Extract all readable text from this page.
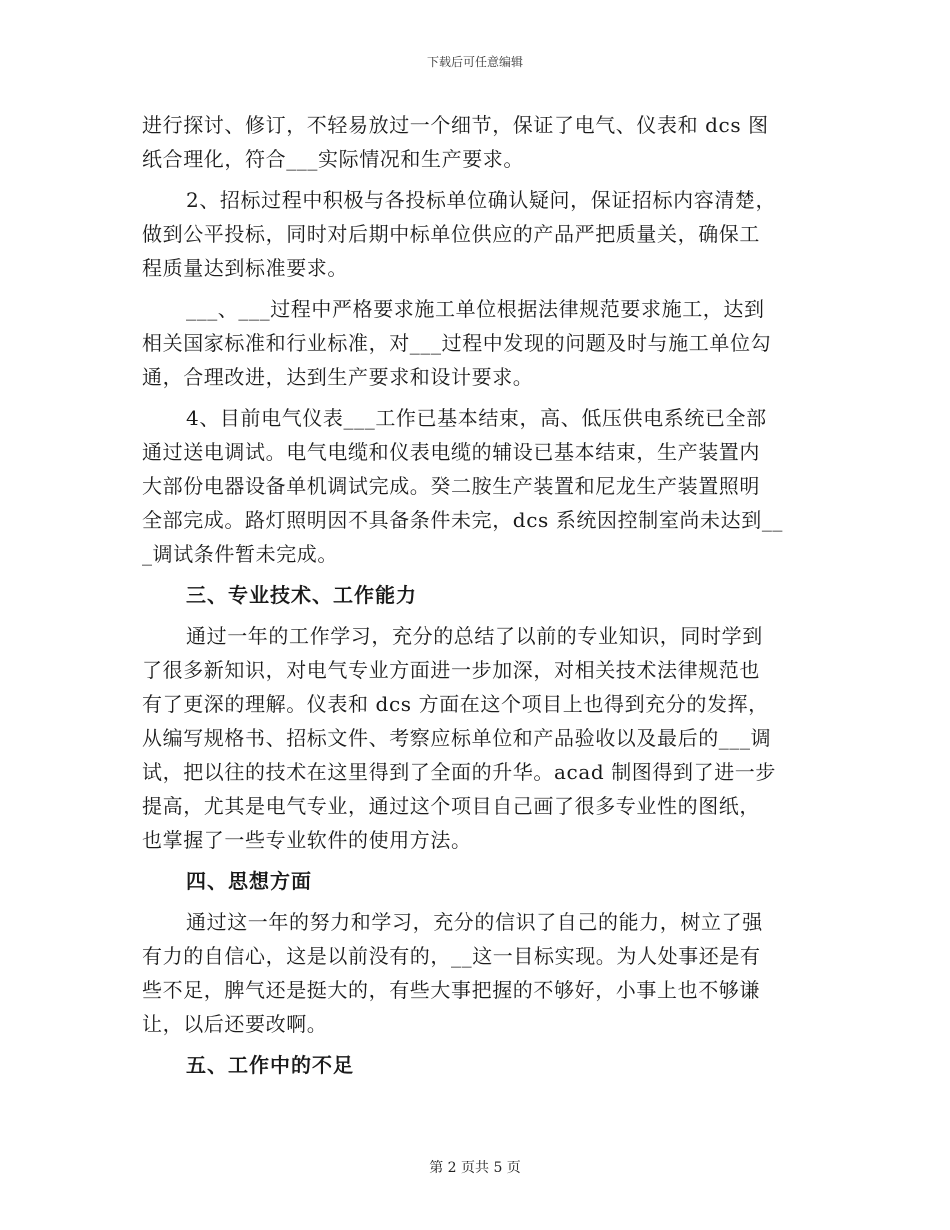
下载后可任意编辑
进行探讨、修订，不轻易放过一个细节，保证了电气、仪表和 dcs 图
纸合理化，符合___实际情况和生产要求。
2、招标过程中积极与各投标单位确认疑问，保证招标内容清楚，
做到公平投标，同时对后期中标单位供应的产品严把质量关，确保工
程质量达到标准要求。
___、___过程中严格要求施工单位根据法律规范要求施工，达到
相关国家标准和行业标准，对___过程中发现的问题及时与施工单位勾
通，合理改进，达到生产要求和设计要求。
4、目前电气仪表___工作已基本结束，高、低压供电系统已全部
通过送电调试。电气电缆和仪表电缆的辅设已基本结束，生产装置内
大部份电器设备单机调试完成。癸二胺生产装置和尼龙生产装置照明
全部完成。路灯照明因不具备条件未完，dcs 系统因控制室尚未达到__
_调试条件暂未完成。
三、专业技术、工作能力
通过一年的工作学习，充分的总结了以前的专业知识，同时学到
了很多新知识，对电气专业方面进一步加深，对相关技术法律规范也
有了更深的理解。仪表和 dcs 方面在这个项目上也得到充分的发挥，
从编写规格书、招标文件、考察应标单位和产品验收以及最后的___调
试，把以往的技术在这里得到了全面的升华。acad 制图得到了进一步
提高，尤其是电气专业，通过这个项目自己画了很多专业性的图纸，
也掌握了一些专业软件的使用方法。
四、思想方面
通过这一年的努力和学习，充分的信识了自己的能力，树立了强
有力的自信心，这是以前没有的，__这一目标实现。为人处事还是有
些不足，脾气还是挺大的，有些大事把握的不够好，小事上也不够谦
让，以后还要改啊。
五、工作中的不足
第 2 页共 5 页
